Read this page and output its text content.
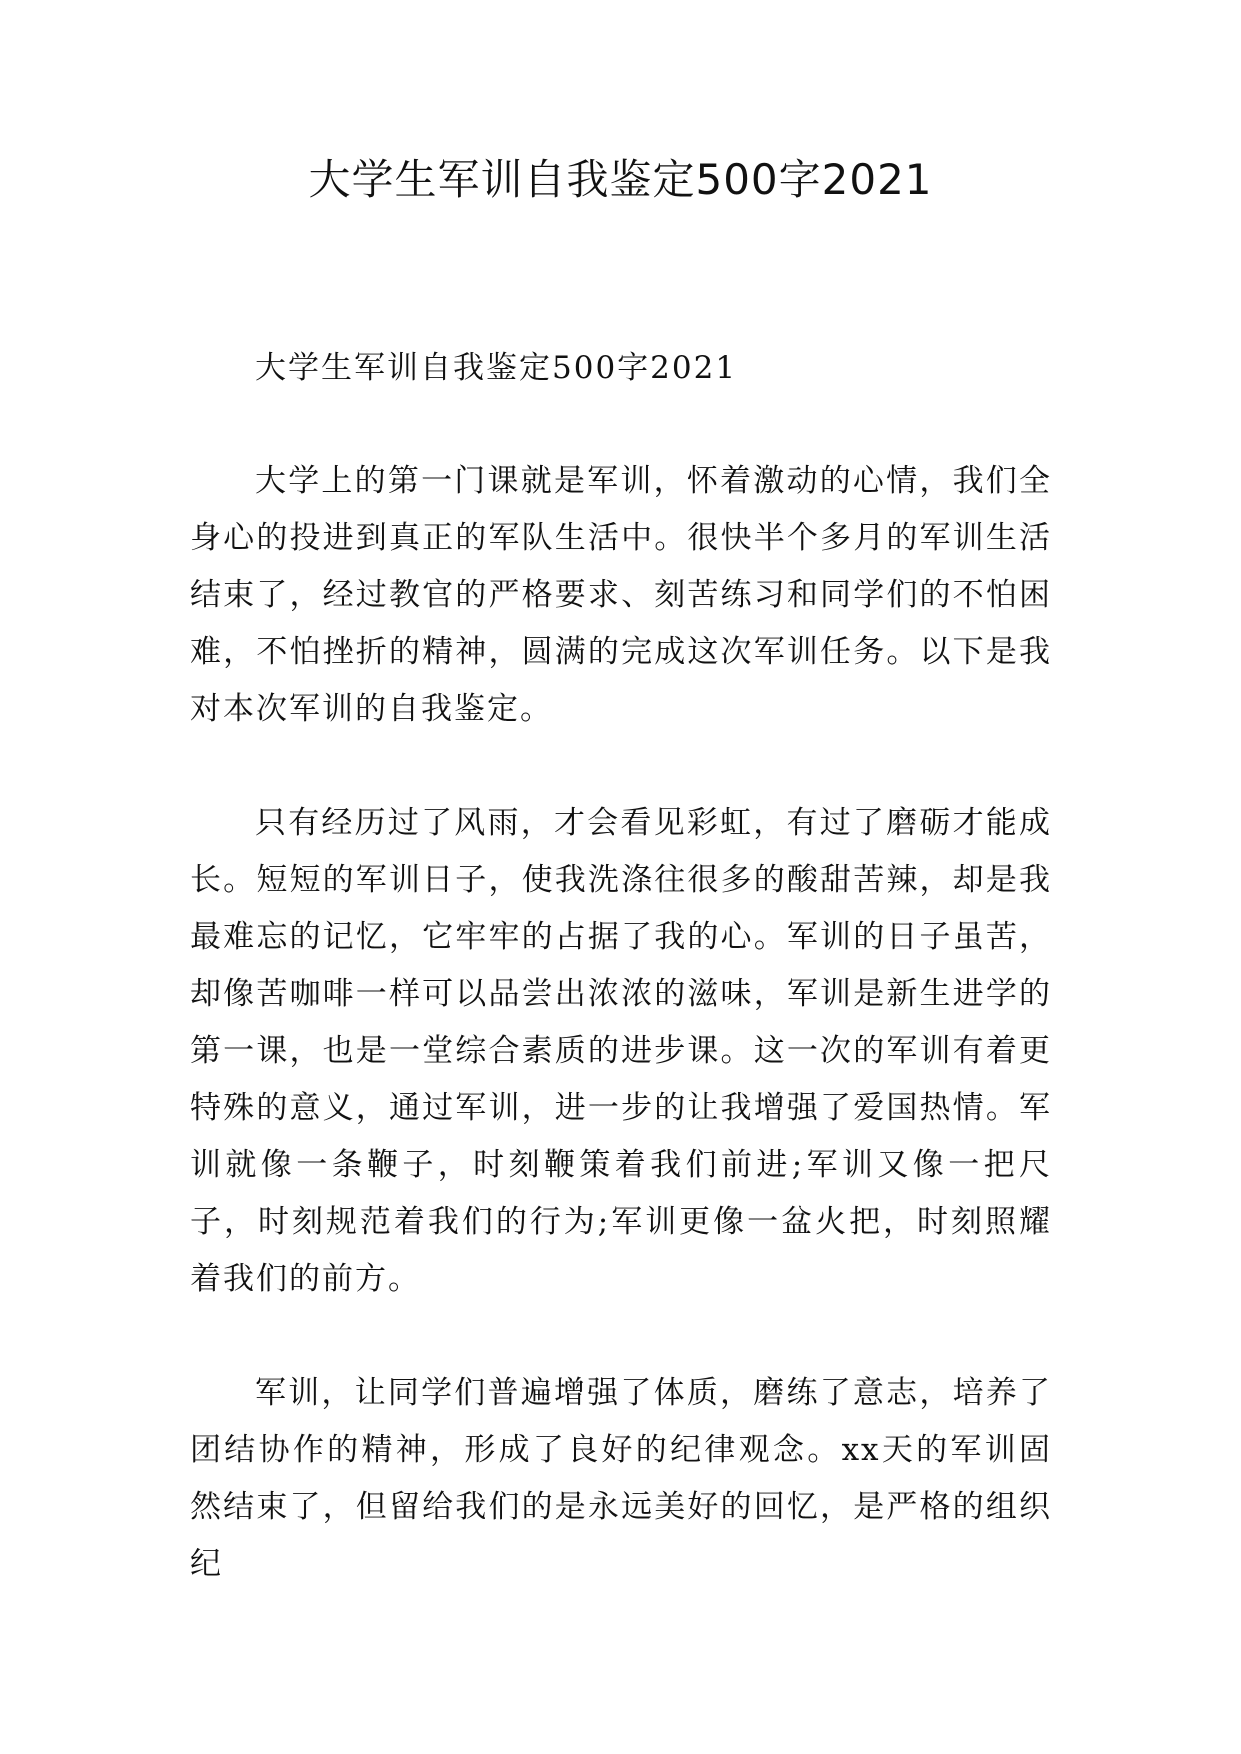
大学生军训自我鉴定500字2021

大学生军训自我鉴定500字2021

大学上的第一门课就是军训，怀着激动的心情，我们全身心的投进到真正的军队生活中。很快半个多月的军训生活结束了，经过教官的严格要求、刻苦练习和同学们的不怕困难，不怕挫折的精神，圆满的完成这次军训任务。以下是我对本次军训的自我鉴定。

只有经历过了风雨，才会看见彩虹，有过了磨砺才能成长。短短的军训日子，使我洗涤往很多的酸甜苦辣，却是我最难忘的记忆，它牢牢的占据了我的心。军训的日子虽苦，却像苦咖啡一样可以品尝出浓浓的滋味，军训是新生进学的第一课，也是一堂综合素质的进步课。这一次的军训有着更特殊的意义，通过军训，进一步的让我增强了爱国热情。军训就像一条鞭子，时刻鞭策着我们前进;军训又像一把尺子，时刻规范着我们的行为;军训更像一盆火把，时刻照耀着我们的前方。

军训，让同学们普遍增强了体质，磨练了意志，培养了团结协作的精神，形成了良好的纪律观念。xx天的军训固然结束了，但留给我们的是永远美好的回忆，是严格的组织纪
